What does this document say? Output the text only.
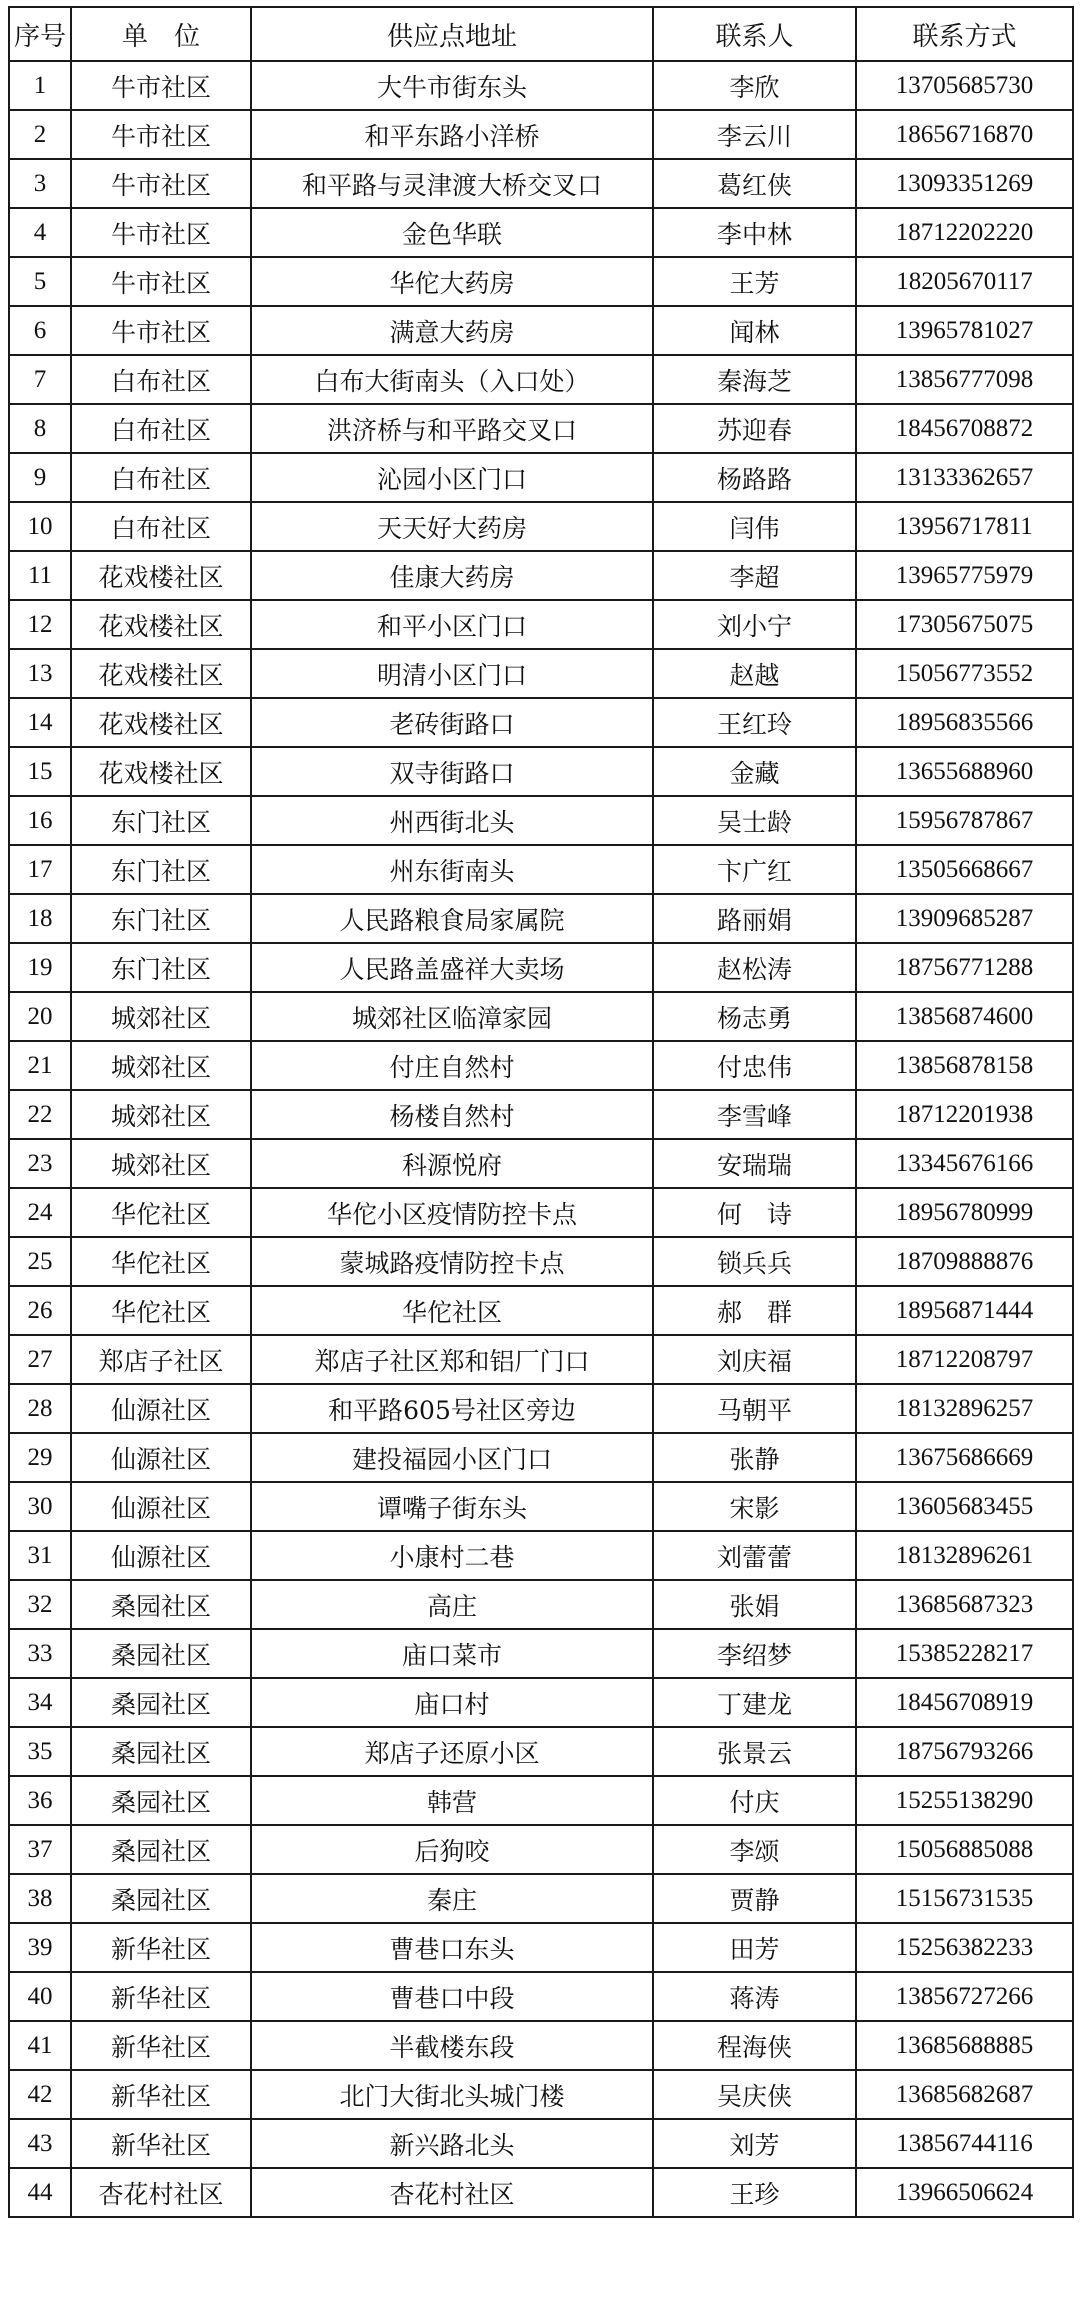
序号	单　位	供应点地址	联系人	联系方式
1	牛市社区	大牛市街东头	李欣	13705685730
2	牛市社区	和平东路小洋桥	李云川	18656716870
3	牛市社区	和平路与灵津渡大桥交叉口	葛红侠	13093351269
4	牛市社区	金色华联	李中林	18712202220
5	牛市社区	华佗大药房	王芳	18205670117
6	牛市社区	满意大药房	闻林	13965781027
7	白布社区	白布大街南头（入口处）	秦海芝	13856777098
8	白布社区	洪济桥与和平路交叉口	苏迎春	18456708872
9	白布社区	沁园小区门口	杨路路	13133362657
10	白布社区	天天好大药房	闫伟	13956717811
11	花戏楼社区	佳康大药房	李超	13965775979
12	花戏楼社区	和平小区门口	刘小宁	17305675075
13	花戏楼社区	明清小区门口	赵越	15056773552
14	花戏楼社区	老砖街路口	王红玲	18956835566
15	花戏楼社区	双寺街路口	金藏	13655688960
16	东门社区	州西街北头	吴士龄	15956787867
17	东门社区	州东街南头	卞广红	13505668667
18	东门社区	人民路粮食局家属院	路丽娟	13909685287
19	东门社区	人民路盖盛祥大卖场	赵松涛	18756771288
20	城郊社区	城郊社区临漳家园	杨志勇	13856874600
21	城郊社区	付庄自然村	付忠伟	13856878158
22	城郊社区	杨楼自然村	李雪峰	18712201938
23	城郊社区	科源悦府	安瑞瑞	13345676166
24	华佗社区	华佗小区疫情防控卡点	何　诗	18956780999
25	华佗社区	蒙城路疫情防控卡点	锁兵兵	18709888876
26	华佗社区	华佗社区	郝　群	18956871444
27	郑店子社区	郑店子社区郑和铝厂门口	刘庆福	18712208797
28	仙源社区	和平路605号社区旁边	马朝平	18132896257
29	仙源社区	建投福园小区门口	张静	13675686669
30	仙源社区	谭嘴子街东头	宋影	13605683455
31	仙源社区	小康村二巷	刘蕾蕾	18132896261
32	桑园社区	高庄	张娟	13685687323
33	桑园社区	庙口菜市	李绍梦	15385228217
34	桑园社区	庙口村	丁建龙	18456708919
35	桑园社区	郑店子还原小区	张景云	18756793266
36	桑园社区	韩营	付庆	15255138290
37	桑园社区	后狗咬	李颂	15056885088
38	桑园社区	秦庄	贾静	15156731535
39	新华社区	曹巷口东头	田芳	15256382233
40	新华社区	曹巷口中段	蒋涛	13856727266
41	新华社区	半截楼东段	程海侠	13685688885
42	新华社区	北门大街北头城门楼	吴庆侠	13685682687
43	新华社区	新兴路北头	刘芳	13856744116
44	杏花村社区	杏花村社区	王珍	13966506624
